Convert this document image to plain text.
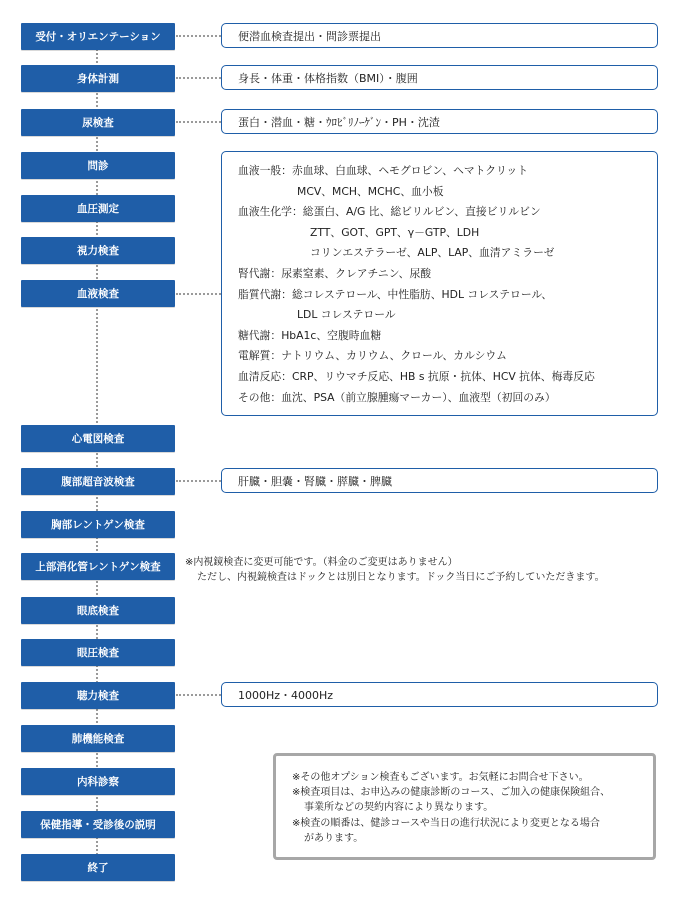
受付・オリエンテーション
身体計測
尿検査
問診
血圧測定
視力検査
血液検査
心電図検査
腹部超音波検査
胸部レントゲン検査
上部消化管レントゲン検査
眼底検査
眼圧検査
聴力検査
肺機能検査
内科診察
保健指導・受診後の説明
終了
便潜血検査提出・問診票提出
身長・体重・体格指数（BMI）・腹囲
蛋白・潜血・糖・ｳﾛﾋﾞﾘﾉｰｹﾞﾝ・PH・沈渣
血液一般： 赤血球、白血球、ヘモグロビン、ヘマトクリット
MCV、MCH、MCHC、血小板
血液生化学： 総蛋白、A/G 比、総ビリルビン、直接ビリルビン
ZTT、GOT、GPT、γ－GTP、LDH
コリンエステラーゼ、ALP、LAP、血清アミラーゼ
腎代謝： 尿素窒素、クレアチニン、尿酸
脂質代謝： 総コレステロール、中性脂肪、HDL コレステロール、
LDL コレステロール
糖代謝： HbA1c、空腹時血糖
電解質： ナトリウム、カリウム、クロール、カルシウム
血清反応： CRP、リウマチ反応、HB s 抗原・抗体、HCV 抗体、梅毒反応
その他： 血沈、PSA（前立腺腫瘍マーカー）、血液型（初回のみ）
肝臓・胆嚢・腎臓・膵臓・脾臓
※内視鏡検査に変更可能です。（料金のご変更はありません）
ただし、内視鏡検査はドックとは別日となります。ドック当日にご予約していただきます。
1000Hz・4000Hz
※その他オプション検査もございます。お気軽にお問合せ下さい。
※検査項目は、お申込みの健康診断のコース、ご加入の健康保険組合、
事業所などの契約内容により異なります。
※検査の順番は、健診コースや当日の進行状況により変更となる場合
があります。
